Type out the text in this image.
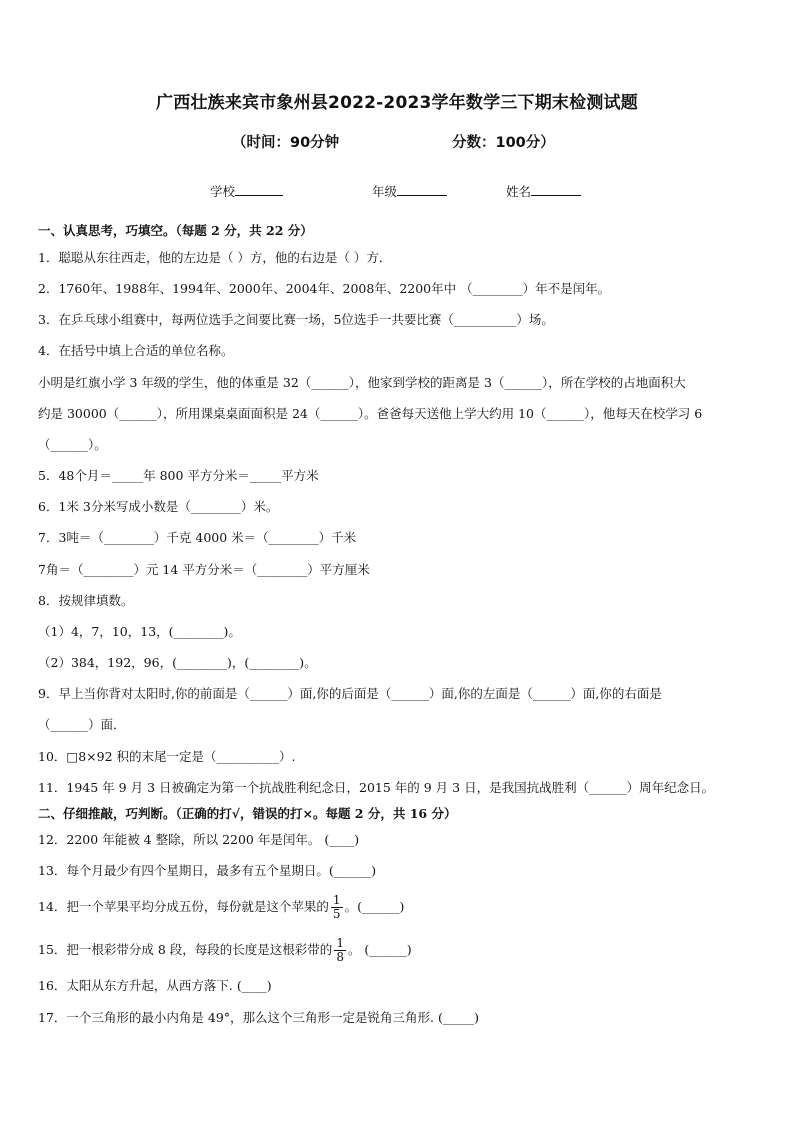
广西壮族来宾市象州县2022-2023学年数学三下期末检测试题
（时间：90分钟	分数：100分）
学校	年级	姓名
一、认真思考，巧填空。（每题 2 分，共 22 分）
1．聪聪从东往西走，他的左边是（ ）方，他的右边是（ ）方．
2．1760年、1988年、1994年、2000年、2004年、2008年、2200年中 （________）年不是闰年。
3．在乒乓球小组赛中，每两位选手之间要比赛一场，5位选手一共要比赛（__________）场。
4．在括号中填上合适的单位名称。
小明是红旗小学 3 年级的学生，他的体重是 32（______），他家到学校的距离是 3（______），所在学校的占地面积大
约是 30000（______），所用课桌桌面面积是 24（______）。爸爸每天送他上学大约用 10（______），他每天在校学习 6
（______）。
5．48个月＝_____年 800 平方分米＝_____平方米
6．1米 3分米写成小数是（________）米。
7．3吨＝（________）千克 4000 米＝（________）千米
7角＝（________）元 14 平方分米＝（________）平方厘米
8．按规律填数。
（1）4，7，10，13，(________)。
（2）384，192，96，(________)，(________)。
9．早上当你背对太阳时,你的前面是（______）面,你的后面是（______）面,你的左面是（______）面,你的右面是
（______）面．
10．□8×92 积的末尾一定是（__________）.
11．1945 年 9 月 3 日被确定为第一个抗战胜利纪念日，2015 年的 9 月 3 日，是我国抗战胜利（______）周年纪念日。
二、仔细推敲，巧判断。（正确的打√，错误的打×。每题 2 分，共 16 分）
12．2200 年能被 4 整除，所以 2200 年是闰年。 (____)
13．每个月最少有四个星期日，最多有五个星期日。(______)
14．把一个苹果平均分成五份，每份就是这个苹果的 $\frac{1}{5}$ 。(______)
15．把一根彩带分成 8 段，每段的长度是这根彩带的 $\frac{1}{8}$ 。 (______)
16．太阳从东方升起，从西方落下. (____)
17．一个三角形的最小内角是 49°，那么这个三角形一定是锐角三角形. (_____)
